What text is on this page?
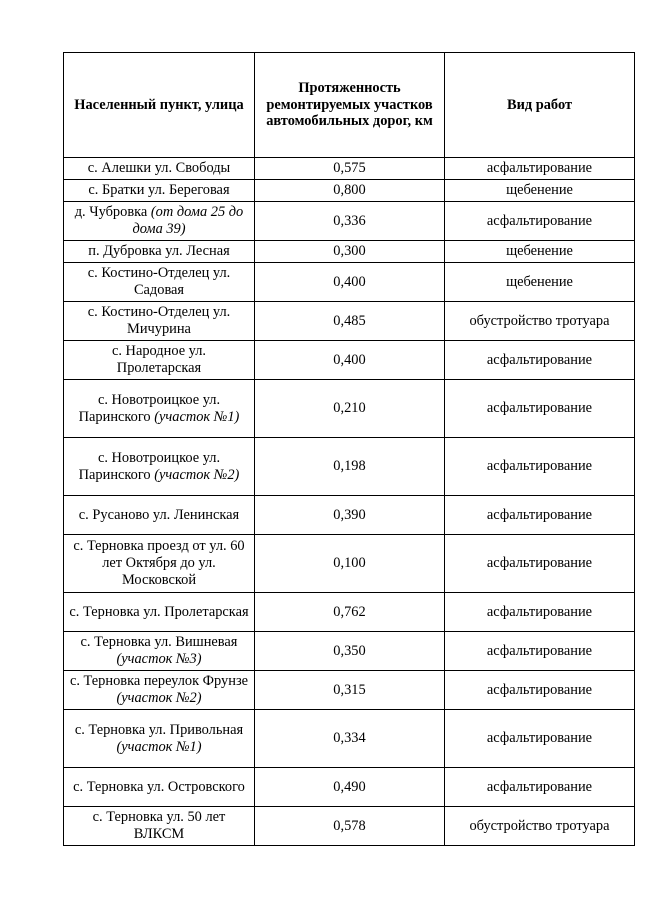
Населенный пункт, улица	Протяженность ремонтируемых участков автомобильных дорог, км	Вид работ
с. Алешки ул. Свободы	0,575	асфальтирование
с. Братки ул. Береговая	0,800	щебенение
д. Чубровка (от дома 25 до дома 39)	0,336	асфальтирование
п. Дубровка ул. Лесная	0,300	щебенение
с. Костино-Отделец ул. Садовая	0,400	щебенение
с. Костино-Отделец ул. Мичурина	0,485	обустройство тротуара
с. Народное ул. Пролетарская	0,400	асфальтирование
с. Новотроицкое ул. Паринского (участок №1)	0,210	асфальтирование
с. Новотроицкое ул. Паринского (участок №2)	0,198	асфальтирование
с. Русаново ул. Ленинская	0,390	асфальтирование
с. Терновка проезд от ул. 60 лет Октября до ул. Московской	0,100	асфальтирование
с. Терновка ул. Пролетарская	0,762	асфальтирование
с. Терновка ул. Вишневая (участок №3)	0,350	асфальтирование
с. Терновка переулок Фрунзе (участок №2)	0,315	асфальтирование
с. Терновка ул. Привольная (участок №1)	0,334	асфальтирование
с. Терновка ул. Островского	0,490	асфальтирование
с. Терновка ул. 50 лет ВЛКСМ	0,578	обустройство тротуара
